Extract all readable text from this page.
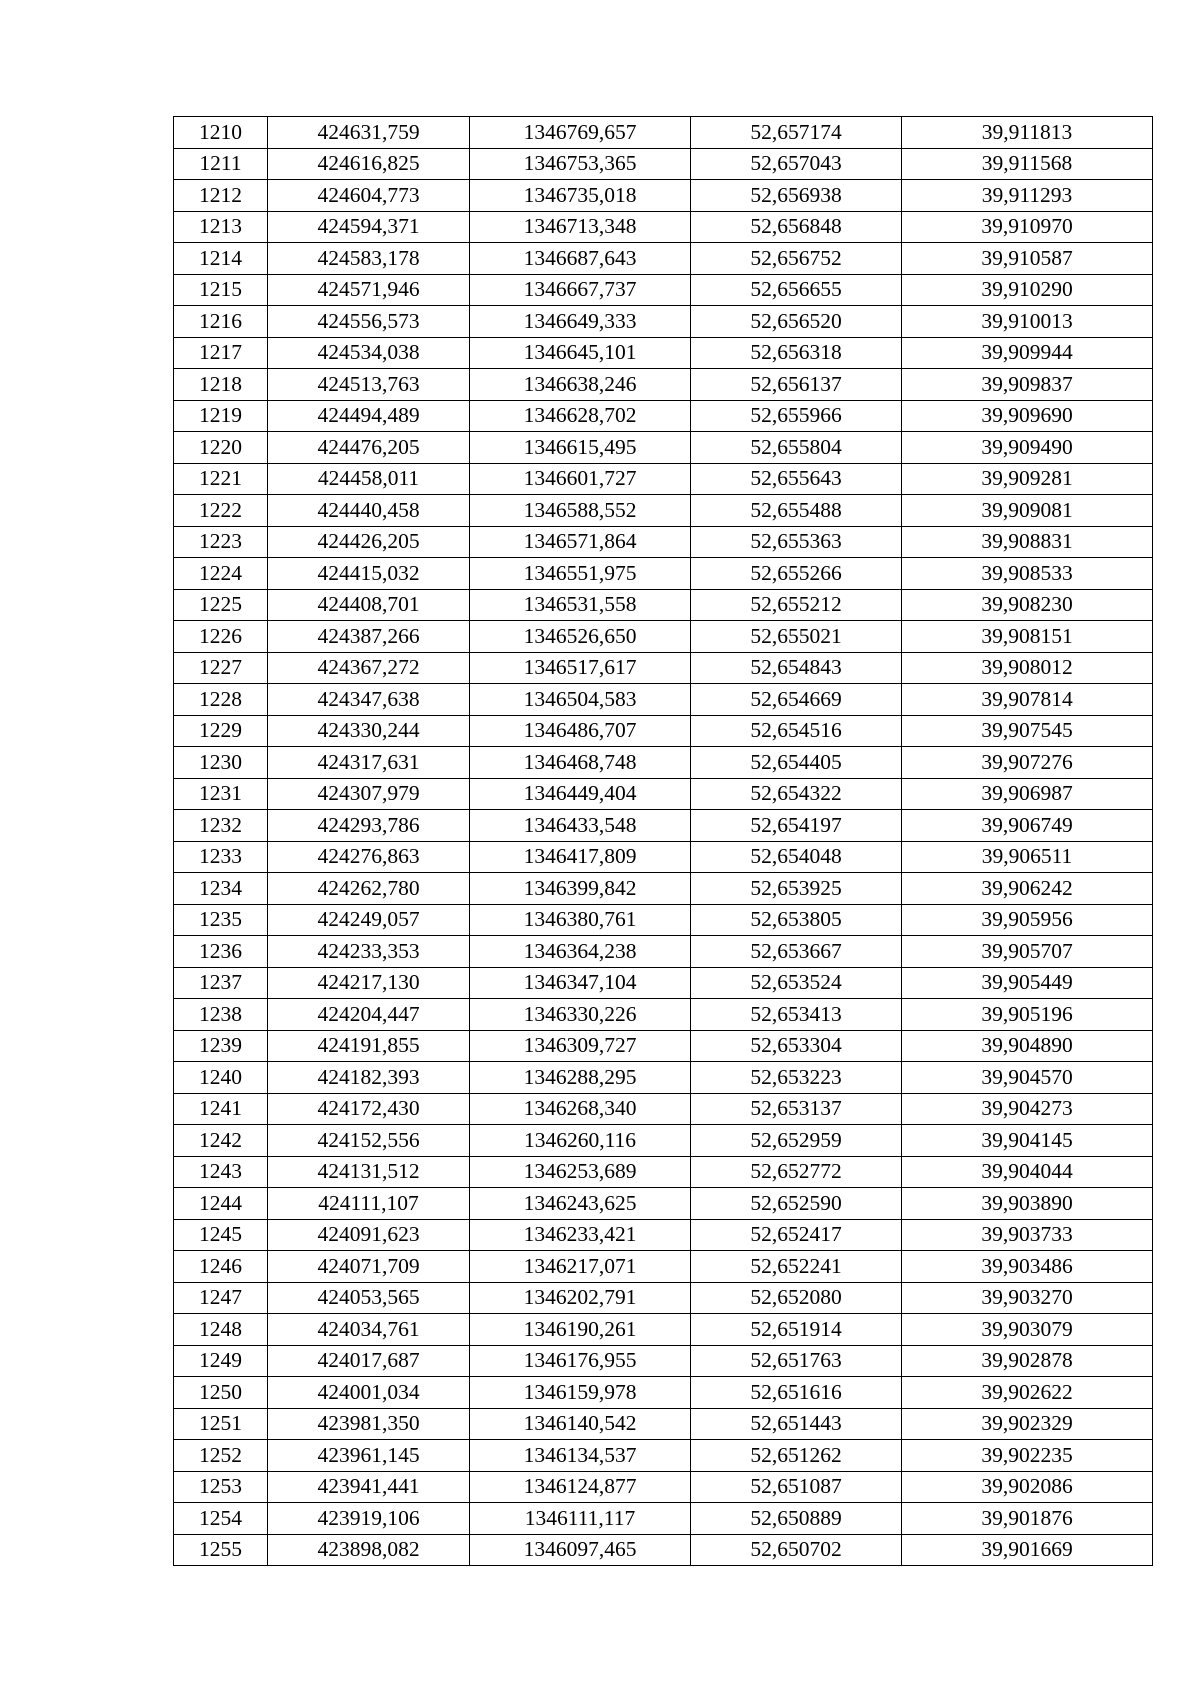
1210	424631,759	1346769,657	52,657174	39,911813
1211	424616,825	1346753,365	52,657043	39,911568
1212	424604,773	1346735,018	52,656938	39,911293
1213	424594,371	1346713,348	52,656848	39,910970
1214	424583,178	1346687,643	52,656752	39,910587
1215	424571,946	1346667,737	52,656655	39,910290
1216	424556,573	1346649,333	52,656520	39,910013
1217	424534,038	1346645,101	52,656318	39,909944
1218	424513,763	1346638,246	52,656137	39,909837
1219	424494,489	1346628,702	52,655966	39,909690
1220	424476,205	1346615,495	52,655804	39,909490
1221	424458,011	1346601,727	52,655643	39,909281
1222	424440,458	1346588,552	52,655488	39,909081
1223	424426,205	1346571,864	52,655363	39,908831
1224	424415,032	1346551,975	52,655266	39,908533
1225	424408,701	1346531,558	52,655212	39,908230
1226	424387,266	1346526,650	52,655021	39,908151
1227	424367,272	1346517,617	52,654843	39,908012
1228	424347,638	1346504,583	52,654669	39,907814
1229	424330,244	1346486,707	52,654516	39,907545
1230	424317,631	1346468,748	52,654405	39,907276
1231	424307,979	1346449,404	52,654322	39,906987
1232	424293,786	1346433,548	52,654197	39,906749
1233	424276,863	1346417,809	52,654048	39,906511
1234	424262,780	1346399,842	52,653925	39,906242
1235	424249,057	1346380,761	52,653805	39,905956
1236	424233,353	1346364,238	52,653667	39,905707
1237	424217,130	1346347,104	52,653524	39,905449
1238	424204,447	1346330,226	52,653413	39,905196
1239	424191,855	1346309,727	52,653304	39,904890
1240	424182,393	1346288,295	52,653223	39,904570
1241	424172,430	1346268,340	52,653137	39,904273
1242	424152,556	1346260,116	52,652959	39,904145
1243	424131,512	1346253,689	52,652772	39,904044
1244	424111,107	1346243,625	52,652590	39,903890
1245	424091,623	1346233,421	52,652417	39,903733
1246	424071,709	1346217,071	52,652241	39,903486
1247	424053,565	1346202,791	52,652080	39,903270
1248	424034,761	1346190,261	52,651914	39,903079
1249	424017,687	1346176,955	52,651763	39,902878
1250	424001,034	1346159,978	52,651616	39,902622
1251	423981,350	1346140,542	52,651443	39,902329
1252	423961,145	1346134,537	52,651262	39,902235
1253	423941,441	1346124,877	52,651087	39,902086
1254	423919,106	1346111,117	52,650889	39,901876
1255	423898,082	1346097,465	52,650702	39,901669
